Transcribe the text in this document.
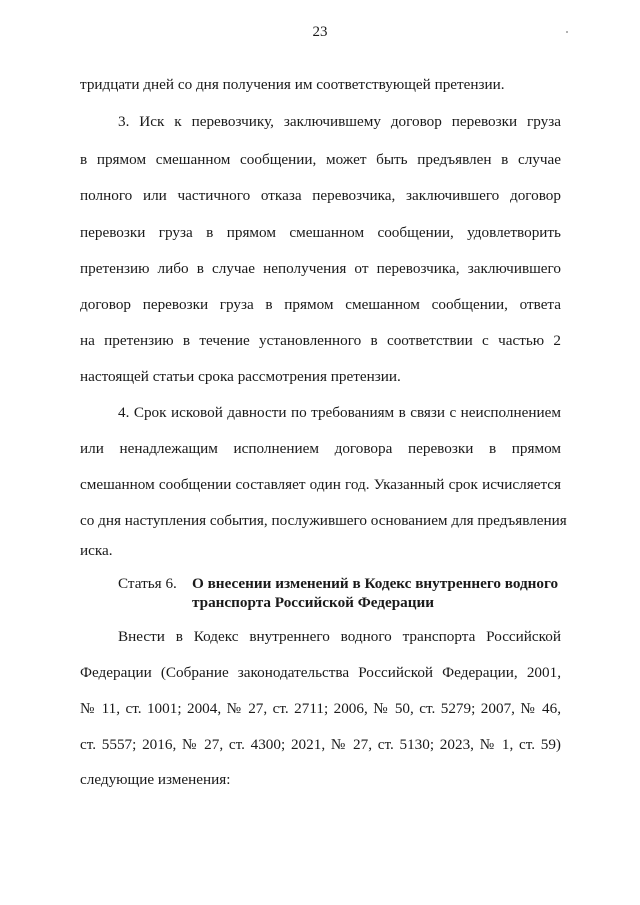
23
тридцати дней со дня получения им соответствующей претензии.
3. Иск к перевозчику, заключившему договор перевозки груза
в прямом смешанном сообщении, может быть предъявлен в случае
полного или частичного отказа перевозчика, заключившего договор
перевозки груза в прямом смешанном сообщении, удовлетворить
претензию либо в случае неполучения от перевозчика, заключившего
договор перевозки груза в прямом смешанном сообщении, ответа
на претензию в течение установленного в соответствии с частью 2
настоящей статьи срока рассмотрения претензии.
4. Срок исковой давности по требованиям в связи с неисполнением
или ненадлежащим исполнением договора перевозки в прямом
смешанном сообщении составляет один год. Указанный срок исчисляется
со дня наступления события, послужившего основанием для предъявления
иска.
Статья 6. О внесении изменений в Кодекс внутреннего водного
транспорта Российской Федерации
Внести в Кодекс внутреннего водного транспорта Российской
Федерации (Собрание законодательства Российской Федерации, 2001,
№ 11, ст. 1001; 2004, № 27, ст. 2711; 2006, № 50, ст. 5279; 2007, № 46,
ст. 5557; 2016, № 27, ст. 4300; 2021, № 27, ст. 5130; 2023, № 1, ст. 59)
следующие изменения:
